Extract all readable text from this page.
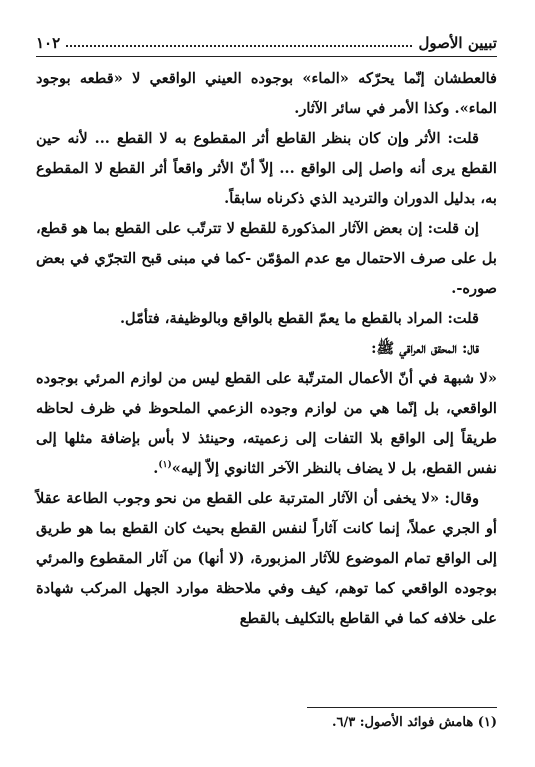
تبيين الأصول
١٠٢

فالعطشان إنّما يحرّكه «الماء» بوجوده العيني الواقعي لا «قطعه بوجود الماء». وكذا الأمر في سائر الآثار.

قلت: الأثر وإن كان بنظر القاطع أثر المقطوع به لا القطع ... لأنه حين القطع يرى أنه واصل إلى الواقع ... إلاّ أنّ الأثر واقعاً أثر القطع لا المقطوع به، بدليل الدوران والترديد الذي ذكرناه سابقاً.

إن قلت: إن بعض الآثار المذكورة للقطع لا تترتّب على القطع بما هو قطع، بل على صرف الاحتمال مع عدم المؤمّن -كما في مبنى قبح التجرّي في بعض صوره-.

قلت: المراد بالقطع ما يعمّ القطع بالواقع وبالوظيفة، فتأمّل.

قال: المحقق العراقي ﷺ:

«لا شبهة في أنّ الأعمال المترتّبة على القطع ليس من لوازم المرئي بوجوده الواقعي، بل إنّما هي من لوازم وجوده الزعمي الملحوظ في ظرف لحاظه طريقاً إلى الواقع بلا التفات إلى زعميته، وحينئذ لا بأس بإضافة مثلها إلى نفس القطع، بل لا يضاف بالنظر الآخر الثانوي إلاّ إليه»$^{(١)}$.

وقال: «لا يخفى أن الآثار المترتبة على القطع من نحو وجوب الطاعة عقلاً أو الجري عملاً، إنما كانت آثاراً لنفس القطع بحيث كان القطع بما هو طريق إلى الواقع تمام الموضوع للآثار المزبورة، (لا أنها) من آثار المقطوع والمرئي بوجوده الواقعي كما توهم، كيف وفي ملاحظة موارد الجهل المركب شهادة على خلافه كما في القاطع بالتكليف بالقطع

(١) هامش فوائد الأصول: ٦/٣.
